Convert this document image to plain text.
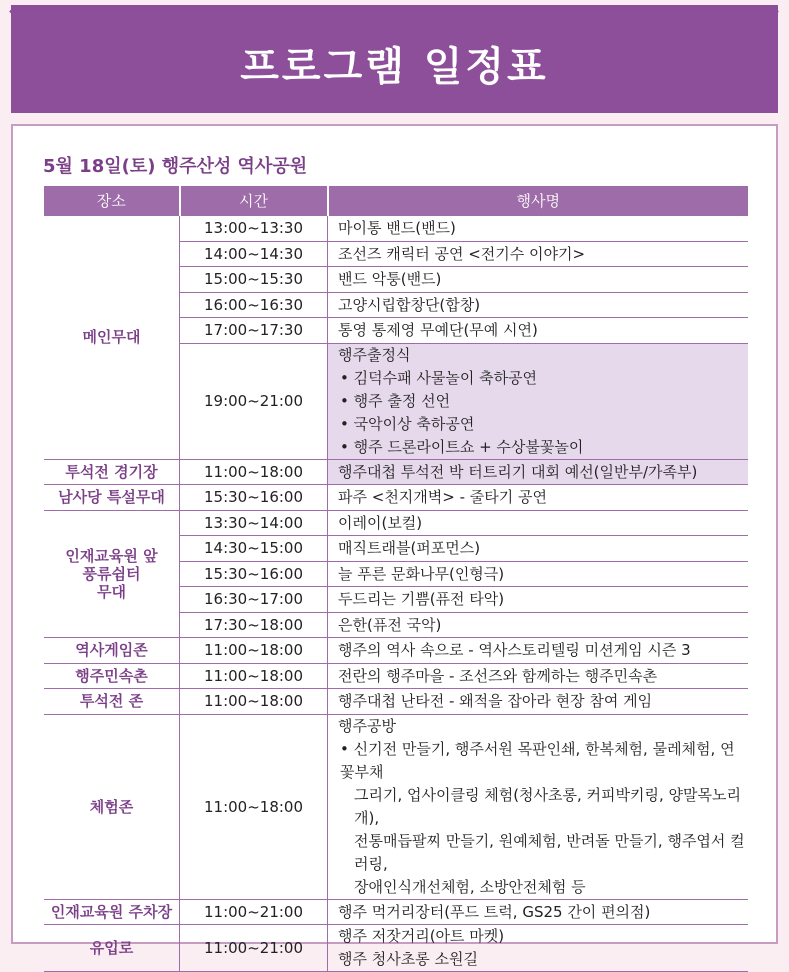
프로그램 일정표
5월 18일(토) 행주산성 역사공원
장소	시간	행사명
메인무대	13:00~13:30	마이통 밴드(밴드)
	14:00~14:30	조선즈 캐릭터 공연 <전기수 이야기>
	15:00~15:30	밴드 악퉁(밴드)
	16:00~16:30	고양시립합창단(합창)
	17:00~17:30	통영 통제영 무예단(무예 시연)
	19:00~21:00	행주출정식
• 김덕수패 사물놀이 축하공연
• 행주 출정 선언
• 국악이상 축하공연
• 행주 드론라이트쇼 + 수상불꽃놀이

투석전 경기장	11:00~18:00	행주대첩 투석전 박 터트리기 대회 예선(일반부/가족부)
남사당 특설무대	15:30~16:00	파주 <천지개벽> - 줄타기 공연

인재교육원 앞
풍류쉼터
무대	13:30~14:00	이레이(보컬)
	14:30~15:00	매직트래블(퍼포먼스)
	15:30~16:00	늘 푸른 문화나무(인형극)
	16:30~17:00	두드리는 기쁨(퓨전 타악)
	17:30~18:00	은한(퓨전 국악)
역사게임존	11:00~18:00	행주의 역사 속으로 - 역사스토리텔링 미션게임 시즌 3
행주민속촌	11:00~18:00	전란의 행주마을 - 조선즈와 함께하는 행주민속촌
투석전 존	11:00~18:00	행주대첩 난타전 - 왜적을 잡아라 현장 참여 게임
체험존	11:00~18:00	행주공방
• 신기전 만들기, 행주서원 목판인쇄, 한복체험, 물레체험, 연꽃부채
그리기, 업사이클링 체험(청사초롱, 커피박키링, 양말목노리개),
전통매듭팔찌 만들기, 원예체험, 반려돌 만들기, 행주엽서 컬러링,
장애인식개선체험, 소방안전체험 등

인재교육원 주차장	11:00~21:00	행주 먹거리장터(푸드 트럭, GS25 간이 편의점)
유입로	11:00~21:00	행주 저잣거리(아트 마켓)
행주 청사초롱 소원길
